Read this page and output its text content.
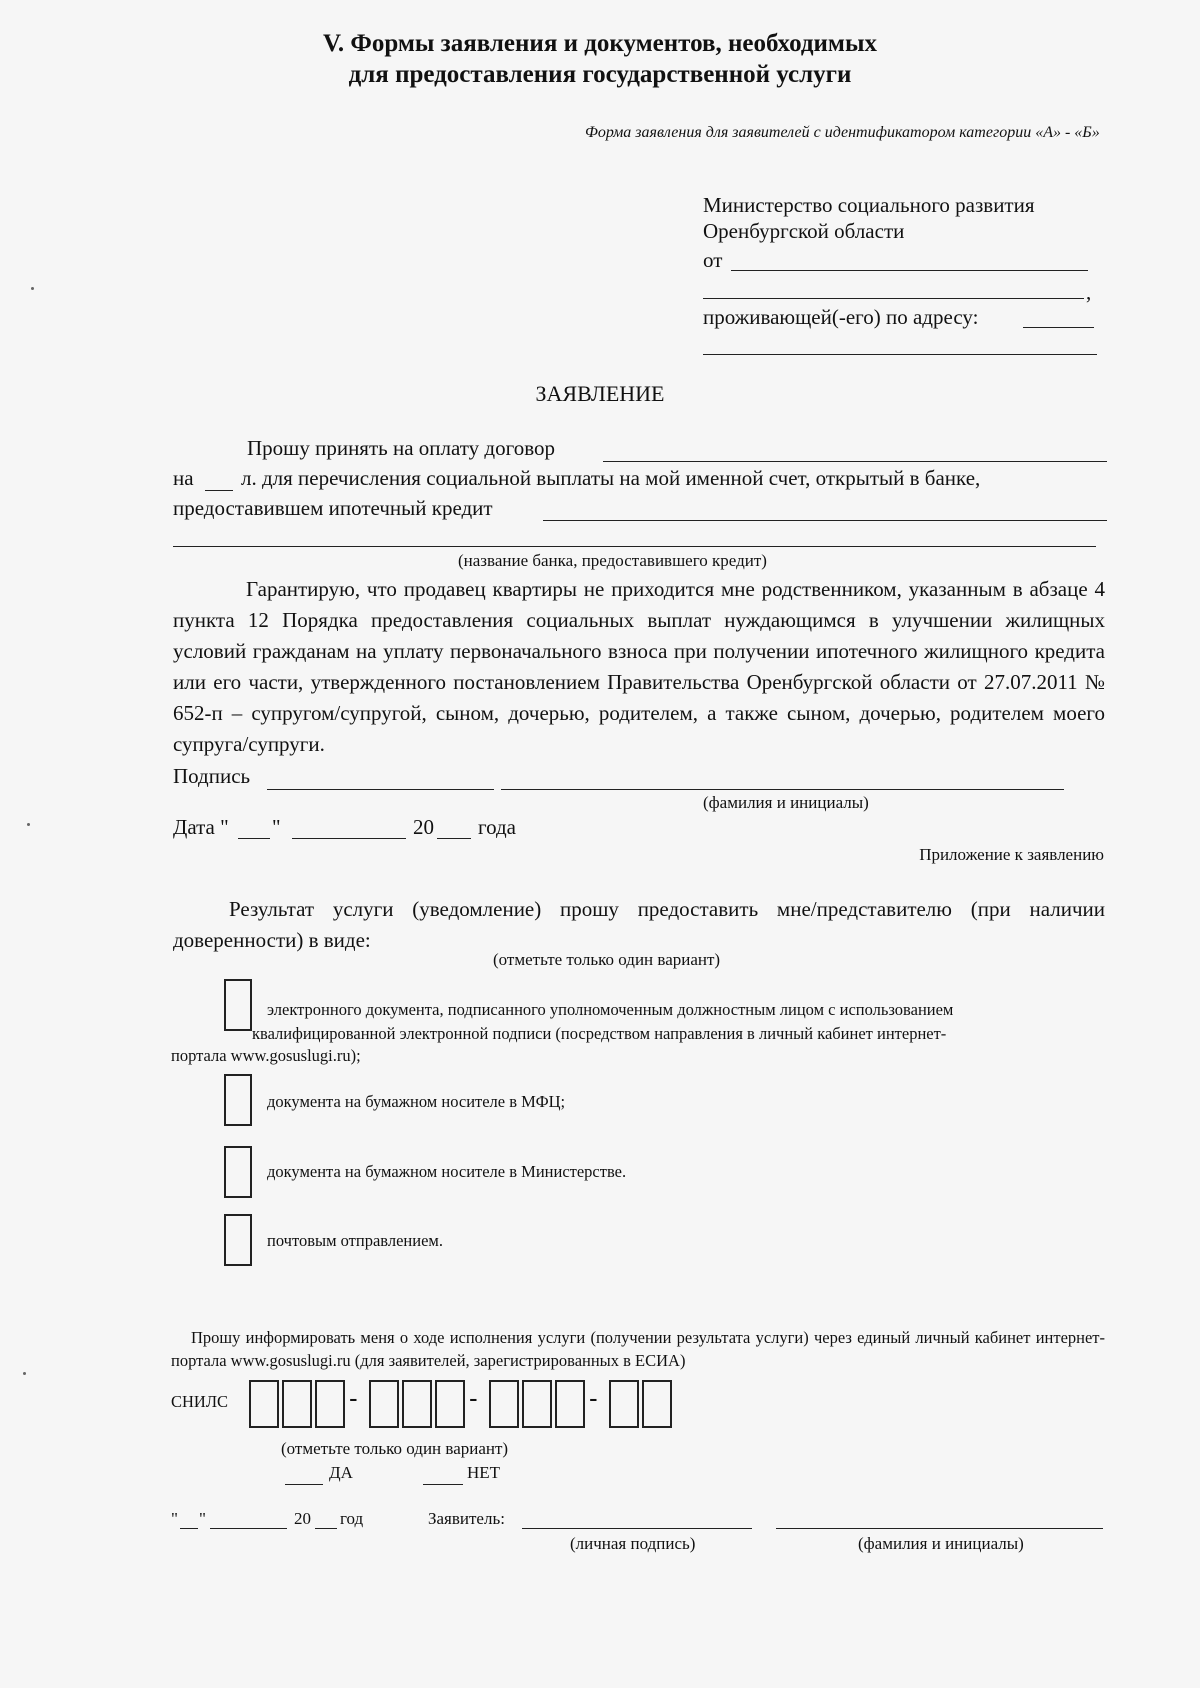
V. Формы заявления и документов, необходимых
для предоставления государственной услуги
Форма заявления для заявителей с идентификатором категории «А» - «Б»
Министерство социального развития
Оренбургской области
от
,
проживающей(-его) по адресу:
ЗАЯВЛЕНИЕ
Прошу принять на оплату договор
на л. для перечисления социальной выплаты на мой именной счет, открытый в банке,
предоставившем ипотечный кредит
(название банка, предоставившего кредит)
Гарантирую, что продавец квартиры не приходится мне родственником, указанным в абзаце 4 пункта 12 Порядка предоставления социальных выплат нуждающимся в улучшении жилищных условий гражданам на уплату первоначального взноса при получении ипотечного жилищного кредита или его части, утвержденного постановлением Правительства Оренбургской области от 27.07.2011 № 652-п – супругом/супругой, сыном, дочерью, родителем, а также сыном, дочерью, родителем моего супруга/супруги.
Подпись
(фамилия и инициалы)
Дата " "	20 года
Приложение к заявлению
Результат услуги (уведомление) прошу предоставить мне/представителю (при наличии доверенности) в виде:
(отметьте только один вариант)
электронного документа, подписанного уполномоченным должностным лицом с использованием
квалифицированной электронной подписи (посредством направления в личный кабинет интернет-
портала www.gosuslugi.ru);
документа на бумажном носителе в МФЦ;
документа на бумажном носителе в Министерстве.
почтовым отправлением.
Прошу информировать меня о ходе исполнения услуги (получении результата услуги) через единый личный кабинет интернет-портала www.gosuslugi.ru (для заявителей, зарегистрированных в ЕСИА)
СНИЛС	-	-	-
(отметьте только один вариант)
ДА	НЕТ
" "	20 год	Заявитель:
(личная подпись)	(фамилия и инициалы)
